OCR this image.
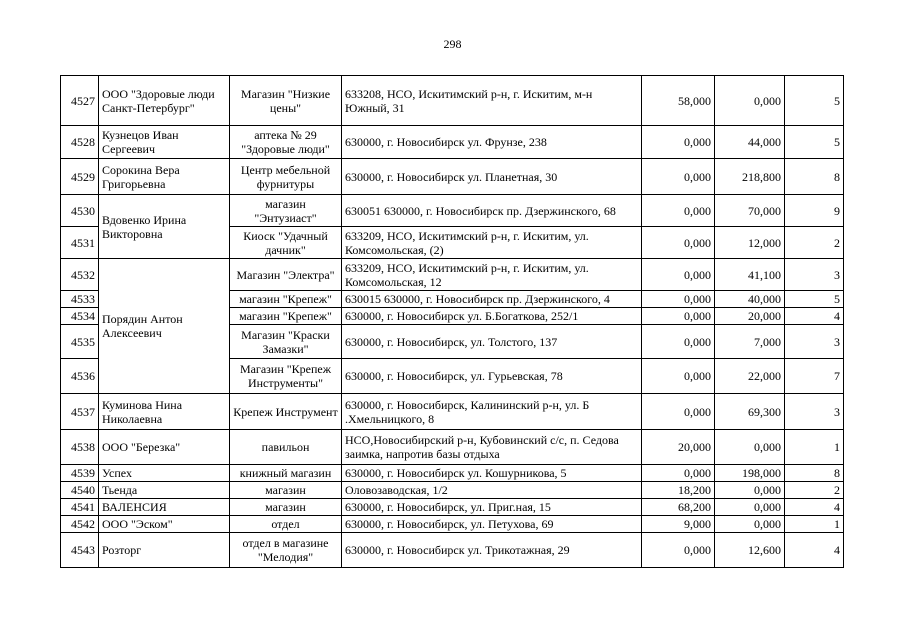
298
4527	ООО "Здоровые люди Санкт-Петербург"	Магазин "Низкие цены"	633208, НСО, Искитимский р-н, г. Искитим, м-н Южный, 31	58,000	0,000	5
4528	Кузнецов Иван Сергеевич	аптека № 29 "Здоровые люди"	630000, г. Новосибирск ул. Фрунзе, 238	0,000	44,000	5
4529	Сорокина Вера Григорьевна	Центр мебельной фурнитуры	630000, г. Новосибирск ул. Планетная, 30	0,000	218,800	8
4530	Вдовенко Ирина Викторовна	магазин "Энтузиаст"	630051 630000, г. Новосибирск пр. Дзержинского, 68	0,000	70,000	9
4531		Киоск "Удачный дачник"	633209, НСО, Искитимский р-н, г. Искитим, ул. Комсомольская, (2)	0,000	12,000	2
4532	Порядин Антон Алексеевич	Магазин "Электра"	633209, НСО, Искитимский р-н, г. Искитим, ул. Комсомольская, 12	0,000	41,100	3
4533		магазин "Крепеж"	630015 630000, г. Новосибирск пр. Дзержинского, 4	0,000	40,000	5
4534		магазин "Крепеж"	630000, г. Новосибирск ул. Б.Богаткова, 252/1	0,000	20,000	4
4535		Магазин "Краски Замазки"	630000, г. Новосибирск, ул. Толстого, 137	0,000	7,000	3
4536		Магазин "Крепеж Инструменты"	630000, г. Новосибирск, ул. Гурьевская, 78	0,000	22,000	7
4537	Куминова Нина Николаевна	Крепеж Инструмент	630000, г. Новосибирск, Калининский р-н, ул. Б .Хмельницкого, 8	0,000	69,300	3
4538	ООО "Березка"	павильон	НСО,Новосибирский р-н, Кубовинский с/с, п. Седова заимка, напротив базы отдыха	20,000	0,000	1
4539	Успех	книжный магазин	630000, г. Новосибирск ул. Кошурникова, 5	0,000	198,000	8
4540	Тьенда	магазин	Оловозаводская, 1/2	18,200	0,000	2
4541	ВАЛЕНСИЯ	магазин	630000, г. Новосибирск, ул. Приг.ная, 15	68,200	0,000	4
4542	ООО "Эском"	отдел	630000, г. Новосибирск, ул. Петухова, 69	9,000	0,000	1
4543	Розторг	отдел в магазине "Мелодия"	630000, г. Новосибирск ул. Трикотажная, 29	0,000	12,600	4
